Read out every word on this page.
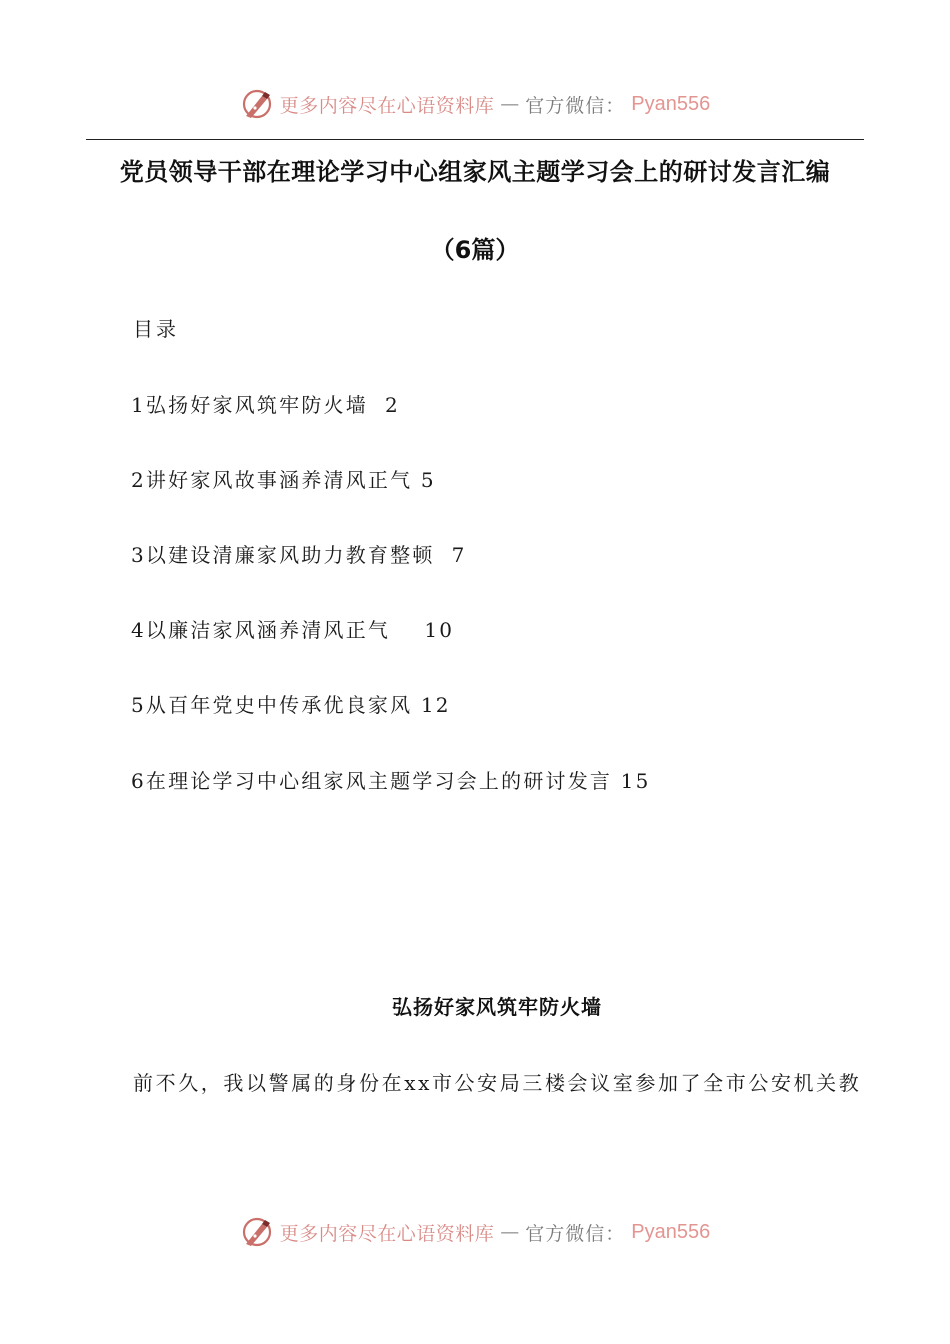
更多内容尽在心语资料库 — 官方微信： Pyan556
党员领导干部在理论学习中心组家风主题学习会上的研讨发言汇编
（6篇）
目录
1弘扬好家风筑牢防火墙  2
2讲好家风故事涵养清风正气 5
3以建设清廉家风助力教育整顿  7
4以廉洁家风涵养清风正气    10
5从百年党史中传承优良家风 12
6在理论学习中心组家风主题学习会上的研讨发言 15
弘扬好家风筑牢防火墙
前不久，我以警属的身份在xx市公安局三楼会议室参加了全市公安机关教
更多内容尽在心语资料库 — 官方微信： Pyan556
